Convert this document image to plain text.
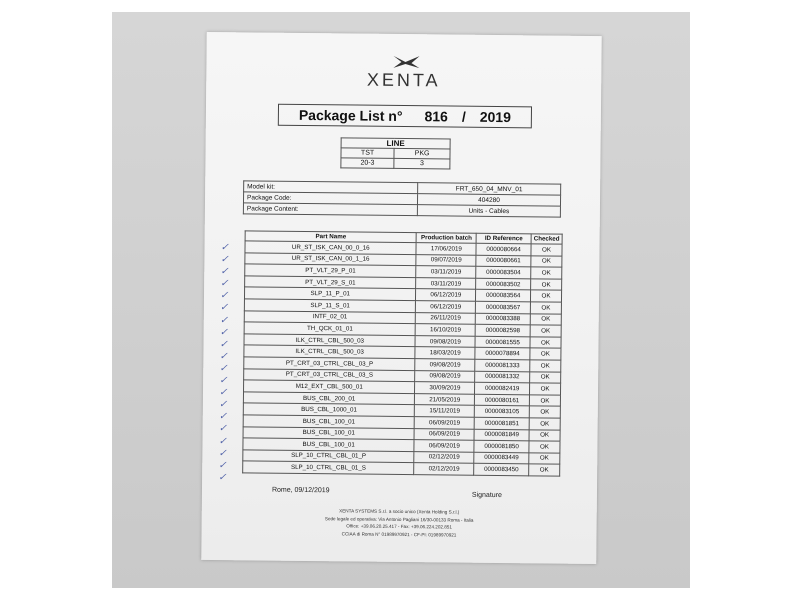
XENTA
Package List n° 816 / 2019
LINE	
TST	PKG
20-3	3
Model kit:	FRT_650_04_MNV_01
Package Code:	404280
Package Content:	Units - Cables
Part Name	Production batch	ID Reference	Checked
UR_ST_ISK_CAN_00_0_16	17/06/2019	0000080664	OK
UR_ST_ISK_CAN_00_1_16	09/07/2019	0000080661	OK
PT_VLT_29_P_01	03/11/2019	0000083504	OK
PT_VLT_29_S_01	03/11/2019	0000083502	OK
SLP_11_P_01	06/12/2019	0000083564	OK
SLP_11_S_01	06/12/2019	0000083567	OK
INTF_02_01	26/11/2019	0000083388	OK
TH_QCK_01_01	16/10/2019	0000082598	OK
ILK_CTRL_CBL_500_03	09/08/2019	0000081555	OK
ILK_CTRL_CBL_500_03	18/03/2019	0000078894	OK
PT_CRT_03_CTRL_CBL_03_P	09/08/2019	0000081333	OK
PT_CRT_03_CTRL_CBL_03_S	09/08/2019	0000081332	OK
M12_EXT_CBL_500_01	30/09/2019	0000082419	OK
BUS_CBL_200_01	21/05/2019	0000080161	OK
BUS_CBL_1000_01	15/11/2019	0000083105	OK
BUS_CBL_100_01	06/09/2019	0000081851	OK
BUS_CBL_100_01	06/09/2019	0000081849	OK
BUS_CBL_100_01	06/09/2019	0000081850	OK
SLP_10_CTRL_CBL_01_P	02/12/2019	0000083449	OK
SLP_10_CTRL_CBL_01_S	02/12/2019	0000083450	OK
✓
✓
✓
✓
✓
✓
✓
✓
✓
✓
✓
✓
✓
✓
✓
✓
✓
✓
✓
✓
Rome, 09/12/2019
Signature
XENTA SYSTEMS S.r.l. a socio unico (Xenta Holding S.r.l.)
Sede legale ed operativa: Via Antonio Pagliani 16/30-00133 Roma - Italia
Office: +39.06.20.25.417 - Fax: +39.06.224.202.851
CCIAA di Roma N° 01989970921 - CF-PI: 01989970921
